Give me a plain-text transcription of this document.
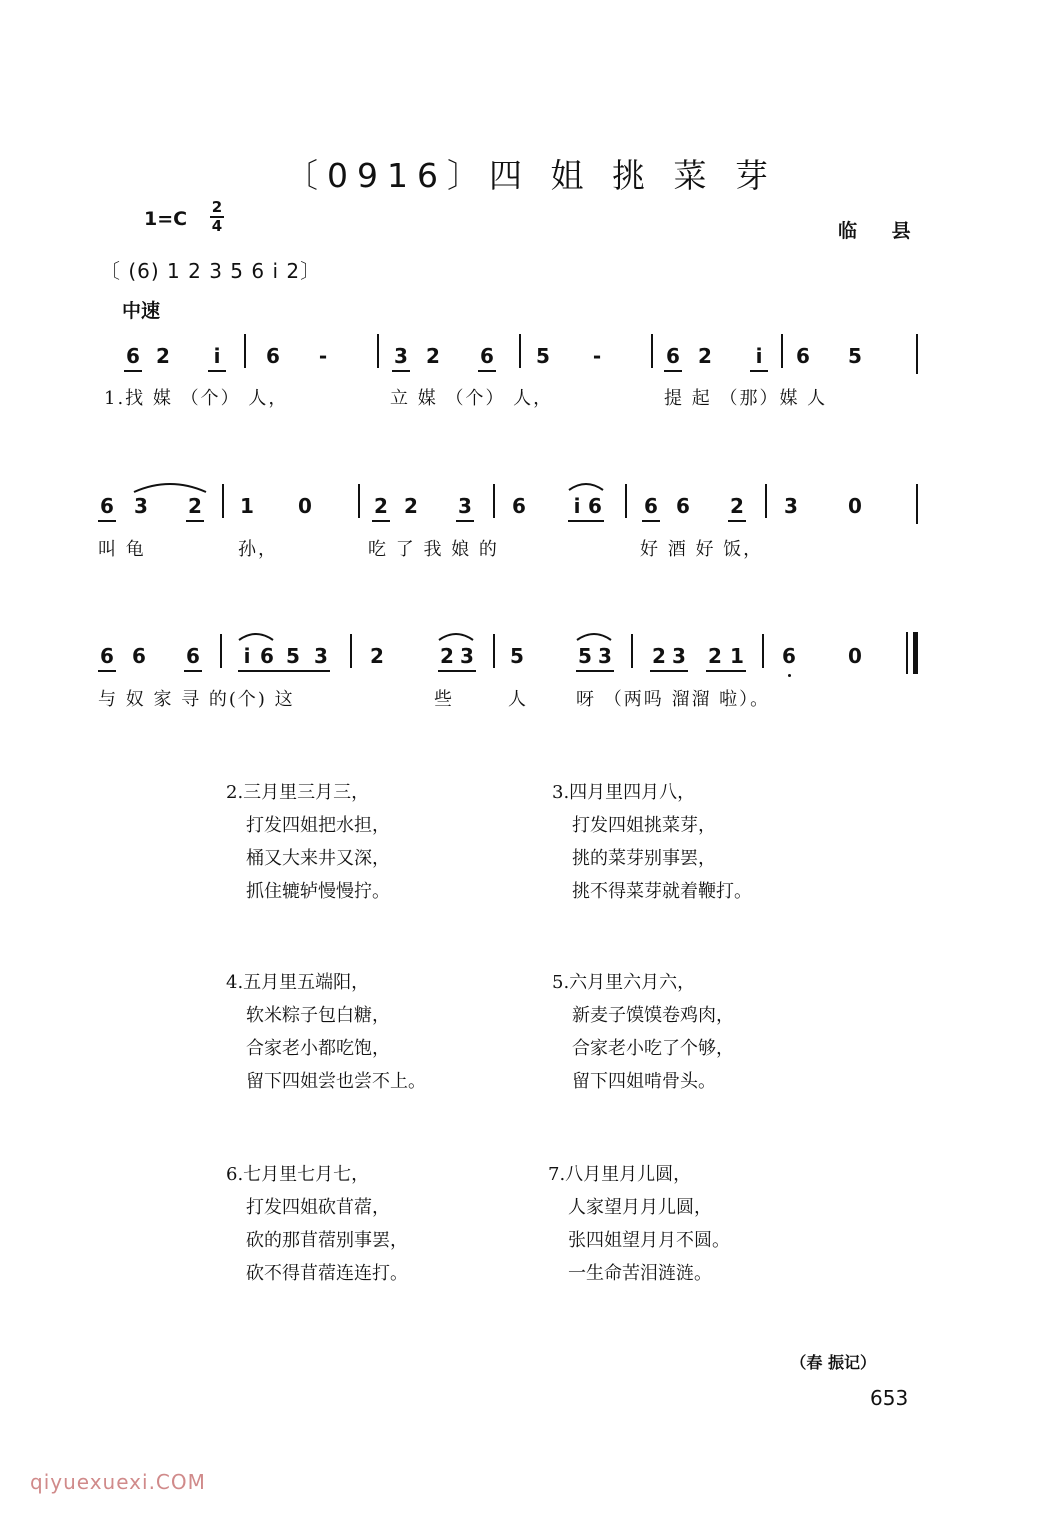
〔0916〕四 姐 挑 菜 芽
1=C
2
4	临 县
〔 (6) 1 2 3 5 6 i 2〕
中速
6 2 i 6 -	3 2 6 5 -	6 2 i 6 5
1.找 媒 （个） 人，	立 媒 （个） 人，	提 起 （那）媒 人
6 3 2 1 0	2 2 3 6 i 6 6 6 2 3	0
叫 龟	孙，	吃 了 我 娘 的	好 酒 好 饭，
6 6 6 i 6 5 3 2	2 3 5	5 3 2 3 2 1 6	0
与 奴 家 寻 的(个) 这	些	人	呀 （两吗 溜溜 啦）。
2.三月里三月三，
打发四姐把水担，
桶又大来井又深，
抓住辘轳慢慢拧。
3.四月里四月八，
打发四姐挑菜芽，
挑的菜芽别事罢，
挑不得菜芽就着鞭打。
4.五月里五端阳，
软米粽子包白糖，
合家老小都吃饱，
留下四姐尝也尝不上。
5.六月里六月六，
新麦子馍馍卷鸡肉，
合家老小吃了个够，
留下四姐啃骨头。
6.七月里七月七，
打发四姐砍苜蓿，
砍的那苜蓿别事罢，
砍不得苜蓿连连打。
7.八月里月儿圆，
人家望月月儿圆，
张四姐望月月不圆。
一生命苦泪涟涟。
（春 振记）
653
qiyuexuexi.COM
